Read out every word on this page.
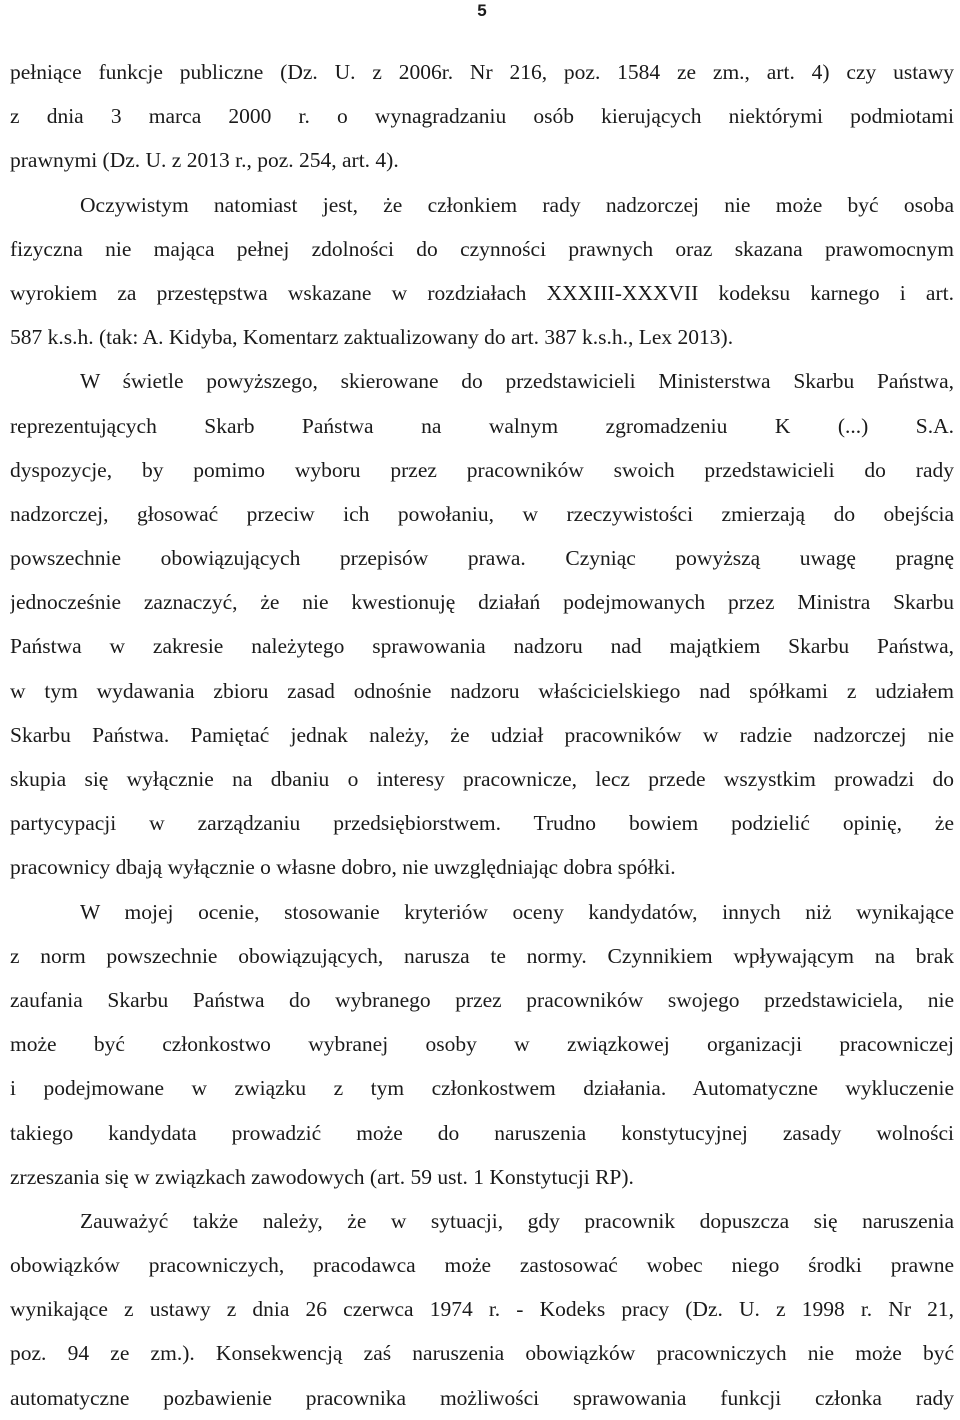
5
pełniące funkcje publiczne (Dz. U. z 2006r. Nr 216, poz. 1584 ze zm., art. 4) czy ustawy
z dnia 3 marca 2000 r. o wynagradzaniu osób kierujących niektórymi podmiotami
prawnymi (Dz. U. z 2013 r., poz. 254, art. 4).
Oczywistym natomiast jest, że członkiem rady nadzorczej nie może być osoba
fizyczna nie mająca pełnej zdolności do czynności prawnych oraz skazana prawomocnym
wyrokiem za przestępstwa wskazane w rozdziałach XXXIII-XXXVII kodeksu karnego i art.
587 k.s.h. (tak: A. Kidyba, Komentarz zaktualizowany do art. 387 k.s.h., Lex 2013).
W świetle powyższego, skierowane do przedstawicieli Ministerstwa Skarbu Państwa,
reprezentujących Skarb Państwa na walnym zgromadzeniu K (...) S.A.
dyspozycje, by pomimo wyboru przez pracowników swoich przedstawicieli do rady
nadzorczej, głosować przeciw ich powołaniu, w rzeczywistości zmierzają do obejścia
powszechnie obowiązujących przepisów prawa. Czyniąc powyższą uwagę pragnę
jednocześnie zaznaczyć, że nie kwestionuję działań podejmowanych przez Ministra Skarbu
Państwa w zakresie należytego sprawowania nadzoru nad majątkiem Skarbu Państwa,
w tym wydawania zbioru zasad odnośnie nadzoru właścicielskiego nad spółkami z udziałem
Skarbu Państwa. Pamiętać jednak należy, że udział pracowników w radzie nadzorczej nie
skupia się wyłącznie na dbaniu o interesy pracownicze, lecz przede wszystkim prowadzi do
partycypacji w zarządzaniu przedsiębiorstwem. Trudno bowiem podzielić opinię, że
pracownicy dbają wyłącznie o własne dobro, nie uwzględniając dobra spółki.
W mojej ocenie, stosowanie kryteriów oceny kandydatów, innych niż wynikające
z norm powszechnie obowiązujących, narusza te normy. Czynnikiem wpływającym na brak
zaufania Skarbu Państwa do wybranego przez pracowników swojego przedstawiciela, nie
może być członkostwo wybranej osoby w związkowej organizacji pracowniczej
i podejmowane w związku z tym członkostwem działania. Automatyczne wykluczenie
takiego kandydata prowadzić może do naruszenia konstytucyjnej zasady wolności
zrzeszania się w związkach zawodowych (art. 59 ust. 1 Konstytucji RP).
Zauważyć także należy, że w sytuacji, gdy pracownik dopuszcza się naruszenia
obowiązków pracowniczych, pracodawca może zastosować wobec niego środki prawne
wynikające z ustawy z dnia 26 czerwca 1974 r. - Kodeks pracy (Dz. U. z 1998 r. Nr 21,
poz. 94 ze zm.). Konsekwencją zaś naruszenia obowiązków pracowniczych nie może być
automatyczne pozbawienie pracownika możliwości sprawowania funkcji członka rady
